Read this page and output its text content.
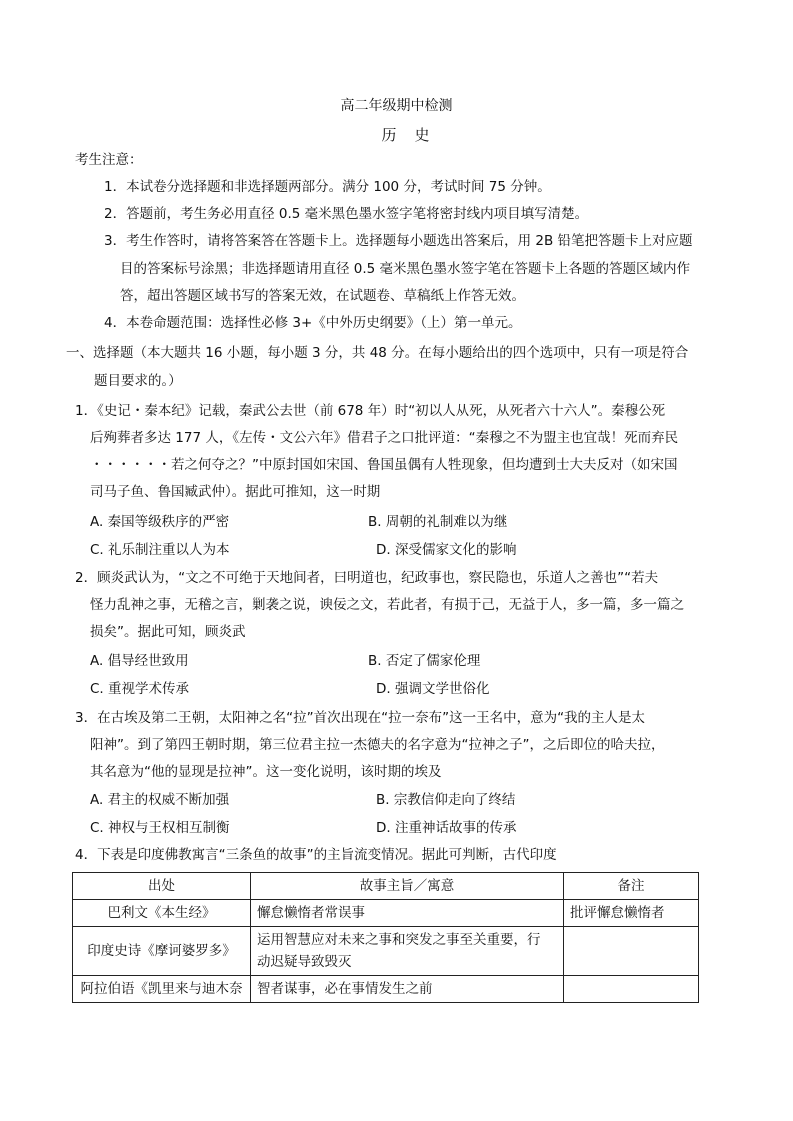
高二年级期中检测
历史
考生注意：
1．本试卷分选择题和非选择题两部分。满分 100 分，考试时间 75 分钟。
2．答题前，考生务必用直径 0.5 毫米黑色墨水签字笔将密封线内项目填写清楚。
3．考生作答时，请将答案答在答题卡上。选择题每小题选出答案后，用 2B 铅笔把答题卡上对应题
目的答案标号涂黑；非选择题请用直径 0.5 毫米黑色墨水签字笔在答题卡上各题的答题区域内作
答，超出答题区域书写的答案无效，在试题卷、草稿纸上作答无效。
4．本卷命题范围：选择性必修 3+《中外历史纲要》（上）第一单元。
一、选择题（本大题共 16 小题，每小题 3 分，共 48 分。在每小题给出的四个选项中，只有一项是符合
题目要求的。）
1．《史记・秦本纪》记载，秦武公去世（前 678 年）时“初以人从死，从死者六十六人”。秦穆公死
后殉葬者多达 177 人，《左传・文公六年》借君子之口批评道：“秦穆之不为盟主也宜哉！死而弃民
・・・・・・若之何夺之？”中原封国如宋国、鲁国虽偶有人牲现象，但均遭到士大夫反对（如宋国
司马子鱼、鲁国臧武仲）。据此可推知，这一时期
A. 秦国等级秩序的严密	B. 周朝的礼制难以为继
C. 礼乐制注重以人为本	D. 深受儒家文化的影响
2．顾炎武认为，“文之不可绝于天地间者，曰明道也，纪政事也，察民隐也，乐道人之善也”“若夫
怪力乱神之事，无稽之言，剿袭之说，谀佞之文，若此者，有损于己，无益于人，多一篇，多一篇之
损矣”。据此可知，顾炎武
A. 倡导经世致用	B. 否定了儒家伦理
C. 重视学术传承	D. 强调文学世俗化
3．在古埃及第二王朝，太阳神之名“拉”首次出现在“拉一奈布”这一王名中，意为“我的主人是太
阳神”。到了第四王朝时期，第三位君主拉一杰德夫的名字意为“拉神之子”，之后即位的哈夫拉，
其名意为“他的显现是拉神”。这一变化说明，该时期的埃及
A. 君主的权威不断加强	B. 宗教信仰走向了终结
C. 神权与王权相互制衡	D. 注重神话故事的传承
4．下表是印度佛教寓言“三条鱼的故事”的主旨流变情况。据此可判断，古代印度
出处	故事主旨／寓意	备注
巴利文《本生经》	懈怠懒惰者常误事	批评懈怠懒惰者
印度史诗《摩诃婆罗多》	运用智慧应对未来之事和突发之事至关重要，行
动迟疑导致毁灭	

阿拉伯语《凯里来与迪木奈	智者谋事，必在事情发生之前	
